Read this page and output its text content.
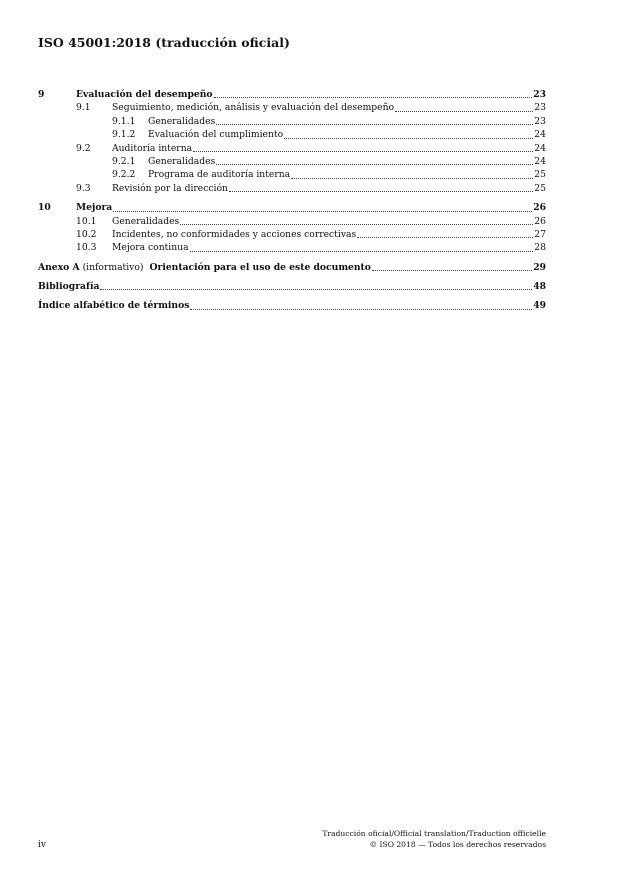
ISO 45001:2018 (traducción oficial)
9	Evaluación del desempeño	23
9.1	Seguimiento, medición, análisis y evaluación del desempeño	23
9.1.1	Generalidades	23
9.1.2	Evaluación del cumplimiento	24
9.2	Auditoría interna	24
9.2.1	Generalidades	24
9.2.2	Programa de auditoría interna	25
9.3	Revisión por la dirección	25
10	Mejora	26
10.1	Generalidades	26
10.2	Incidentes, no conformidades y acciones correctivas	27
10.3	Mejora continua	28
Anexo A (informativo) Orientación para el uso de este documento	29
Bibliografía	48
Índice alfabético de términos	49
Traducción oficial/Official translation/Traduction officielle
© ISO 2018 — Todos los derechos reservados
iv
